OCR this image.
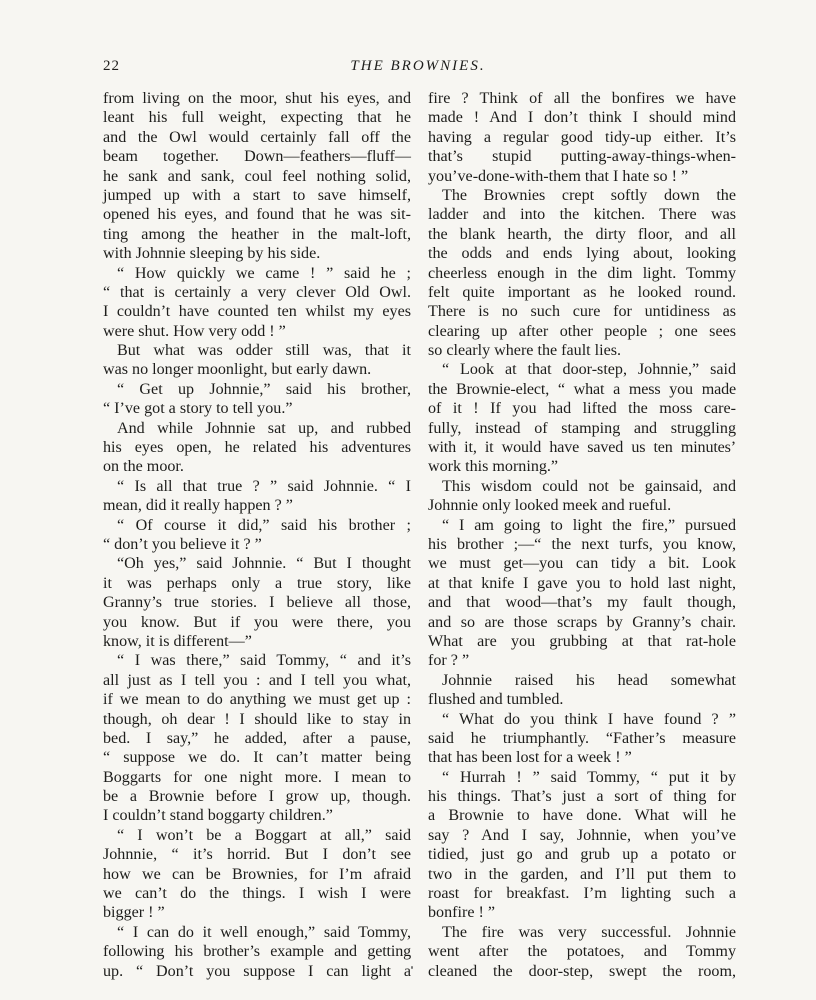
22	THE BROWNIES.
from living on the moor, shut his eyes, and
leant his full weight, expecting that he
and the Owl would certainly fall off the
beam together. Down—feathers—fluff—
he sank and sank, coul feel nothing solid,
jumped up with a start to save himself,
opened his eyes, and found that he was sit-
ting among the heather in the malt-loft,
with Johnnie sleeping by his side.
“ How quickly we came ! ” said he ;
“ that is certainly a very clever Old Owl.
I couldn’t have counted ten whilst my eyes
were shut. How very odd ! ”
But what was odder still was, that it
was no longer moonlight, but early dawn.
“ Get up Johnnie,” said his brother,
“ I’ve got a story to tell you.”
And while Johnnie sat up, and rubbed
his eyes open, he related his adventures
on the moor.
“ Is all that true ? ” said Johnnie. “ I
mean, did it really happen ? ”
“ Of course it did,” said his brother ;
“ don’t you believe it ? ”
“Oh yes,” said Johnnie. “ But I thought
it was perhaps only a true story, like
Granny’s true stories. I believe all those,
you know. But if you were there, you
know, it is different—”
“ I was there,” said Tommy, “ and it’s
all just as I tell you : and I tell you what,
if we mean to do anything we must get up :
though, oh dear ! I should like to stay in
bed. I say,” he added, after a pause,
“ suppose we do. It can’t matter being
Boggarts for one night more. I mean to
be a Brownie before I grow up, though.
I couldn’t stand boggarty children.”
“ I won’t be a Boggart at all,” said
Johnnie, “ it’s horrid. But I don’t see
how we can be Brownies, for I’m afraid
we can’t do the things. I wish I were
bigger ! ”
“ I can do it well enough,” said Tommy,
following his brother’s example and getting
up. “ Don’t you suppose I can light a
fire ? Think of all the bonfires we have
made ! And I don’t think I should mind
having a regular good tidy-up either. It’s
that’s stupid putting-away-things-when-
you’ve-done-with-them that I hate so ! ”
The Brownies crept softly down the
ladder and into the kitchen. There was
the blank hearth, the dirty floor, and all
the odds and ends lying about, looking
cheerless enough in the dim light. Tommy
felt quite important as he looked round.
There is no such cure for untidiness as
clearing up after other people ; one sees
so clearly where the fault lies.
“ Look at that door-step, Johnnie,” said
the Brownie-elect, “ what a mess you made
of it ! If you had lifted the moss care-
fully, instead of stamping and struggling
with it, it would have saved us ten minutes’
work this morning.”
This wisdom could not be gainsaid, and
Johnnie only looked meek and rueful.
“ I am going to light the fire,” pursued
his brother ;—“ the next turfs, you know,
we must get—you can tidy a bit. Look
at that knife I gave you to hold last night,
and that wood—that’s my fault though,
and so are those scraps by Granny’s chair.
What are you grubbing at that rat-hole
for ? ”
Johnnie raised his head somewhat
flushed and tumbled.
“ What do you think I have found ? ”
said he triumphantly. “Father’s measure
that has been lost for a week ! ”
“ Hurrah ! ” said Tommy, “ put it by
his things. That’s just a sort of thing for
a Brownie to have done. What will he
say ? And I say, Johnnie, when you’ve
tidied, just go and grub up a potato or
two in the garden, and I’ll put them to
roast for breakfast. I’m lighting such a
bonfire ! ”
The fire was very successful. Johnnie
went after the potatoes, and Tommy
cleaned the door-step, swept the room,
